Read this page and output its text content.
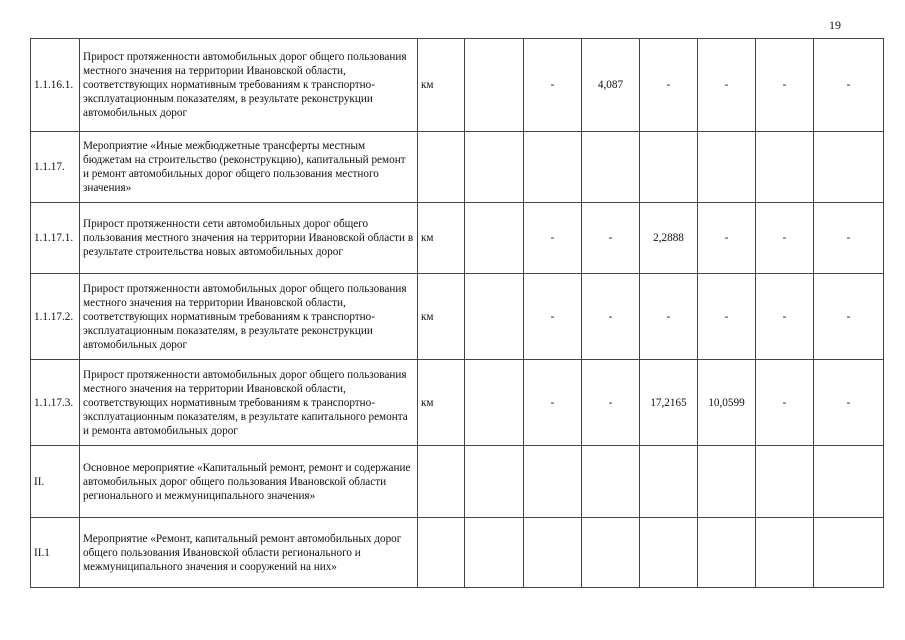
19
1.1.16.1.	Прирост протяженности автомобильных дорог общего пользования местного значения на территории Ивановской области, соответствующих нормативным требованиям к транспортно-эксплуатационным показателям, в результате реконструкции автомобильных дорог	км		-	4,087	-	-	-	-	
1.1.17.	Мероприятие «Иные межбюджетные трансферты местным бюджетам на строительство (реконструкцию), капитальный ремонт и ремонт автомобильных дорог общего пользования местного значения»									
1.1.17.1.	Прирост протяженности сети автомобильных дорог общего пользования местного значения на территории Ивановской области в результате строительства новых автомобильных дорог	км		-	-	2,2888	-	-	-	
1.1.17.2.	Прирост протяженности автомобильных дорог общего пользования местного значения на территории Ивановской области, соответствующих нормативным требованиям к транспортно- эксплуатационным показателям, в результате реконструкции автомобильных дорог	км		-	-	-	-	-	-	
1.1.17.3.	Прирост протяженности автомобильных дорог общего пользования местного значения на территории Ивановской области, соответствующих нормативным требованиям к транспортно-эксплуатационным показателям, в результате капитального ремонта и ремонта автомобильных дорог	км		-	-	17,2165	10,0599	-	-	
II.	Основное мероприятие «Капитальный ремонт, ремонт и содержание автомобильных дорог общего пользования Ивановской области регионального и межмуниципального значения»									
II.1	Мероприятие «Ремонт, капитальный ремонт автомобильных дорог общего пользования Ивановской области регионального и межмуниципального значения и сооружений на них»									
